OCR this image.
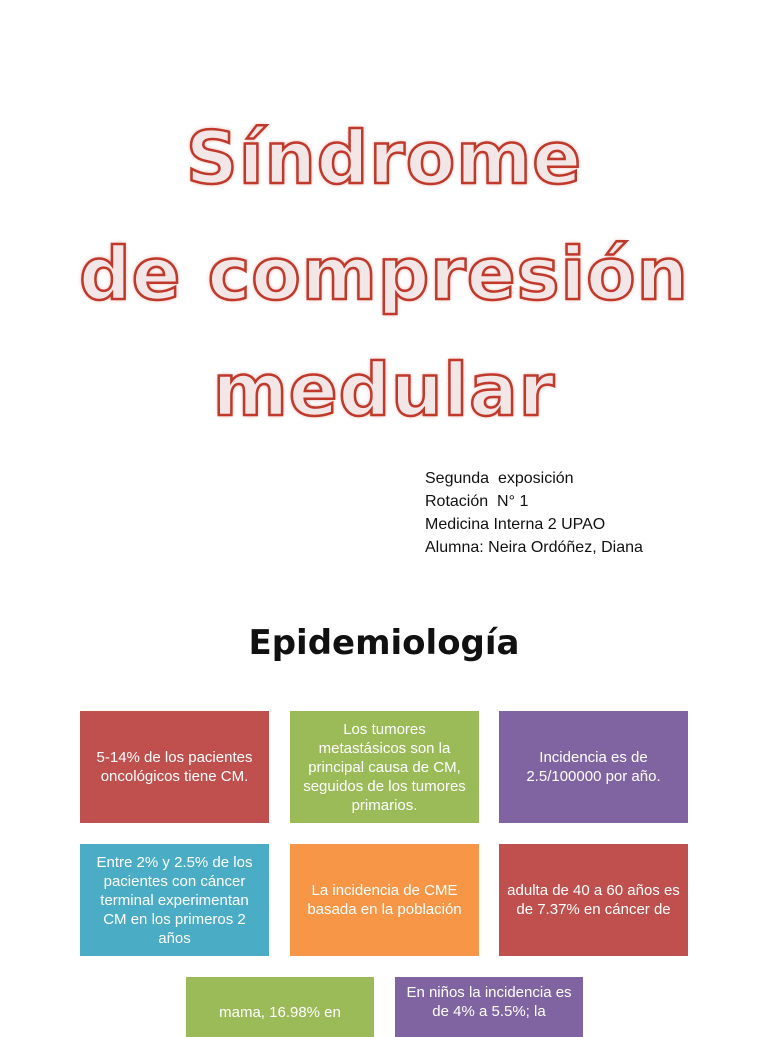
Síndrome
de compresión
medular
Segunda  exposición
Rotación  N° 1
Medicina Interna 2 UPAO
Alumna: Neira Ordóñez, Diana
Epidemiología
5-14% de los pacientes oncológicos tiene CM.
Los tumores metastásicos son la principal causa de CM, seguidos de los tumores primarios.
Incidencia es de 2.5/100000 por año.
Entre 2% y 2.5% de los pacientes con cáncer terminal experimentan CM en los primeros 2 años
La incidencia de CME basada en la población
adulta de 40 a 60 años es de 7.37% en cáncer de
mama, 16.98% en
En niños la incidencia es de 4% a 5.5%; la
